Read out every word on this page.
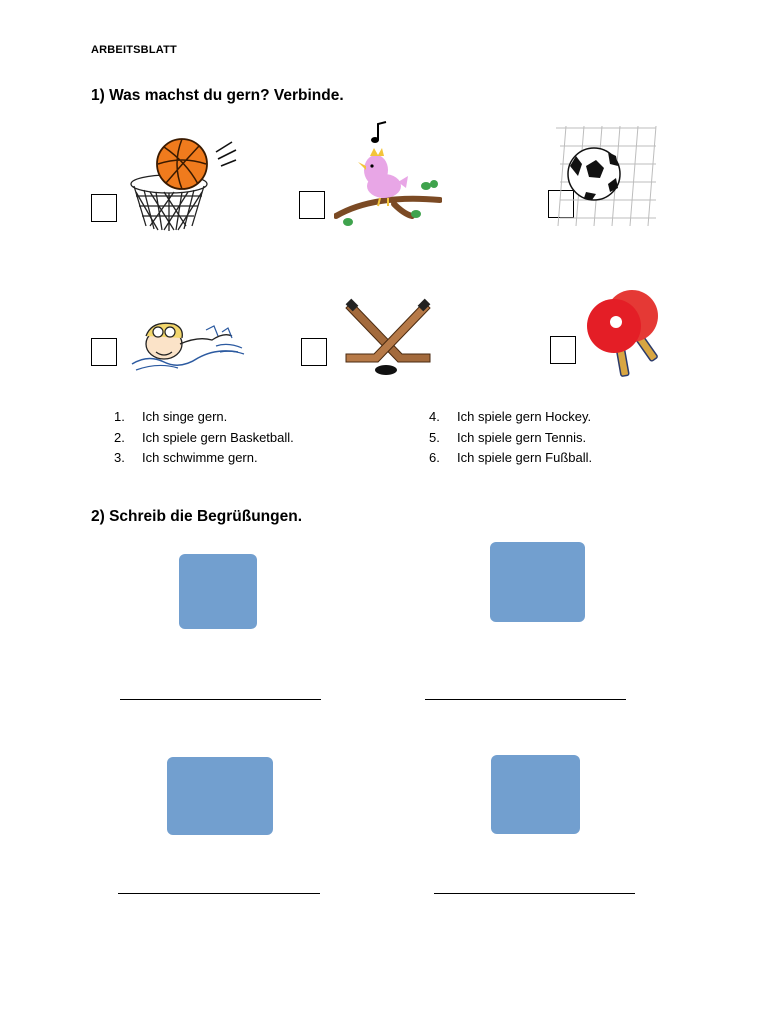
ARBEITSBLATT
1) Was machst du gern? Verbinde.
1. Ich singe gern.
2. Ich spiele gern Basketball.
3. Ich schwimme gern.
4. Ich spiele gern Hockey.
5. Ich spiele gern Tennis.
6. Ich spiele gern Fußball.
2) Schreib die Begrüßungen.
